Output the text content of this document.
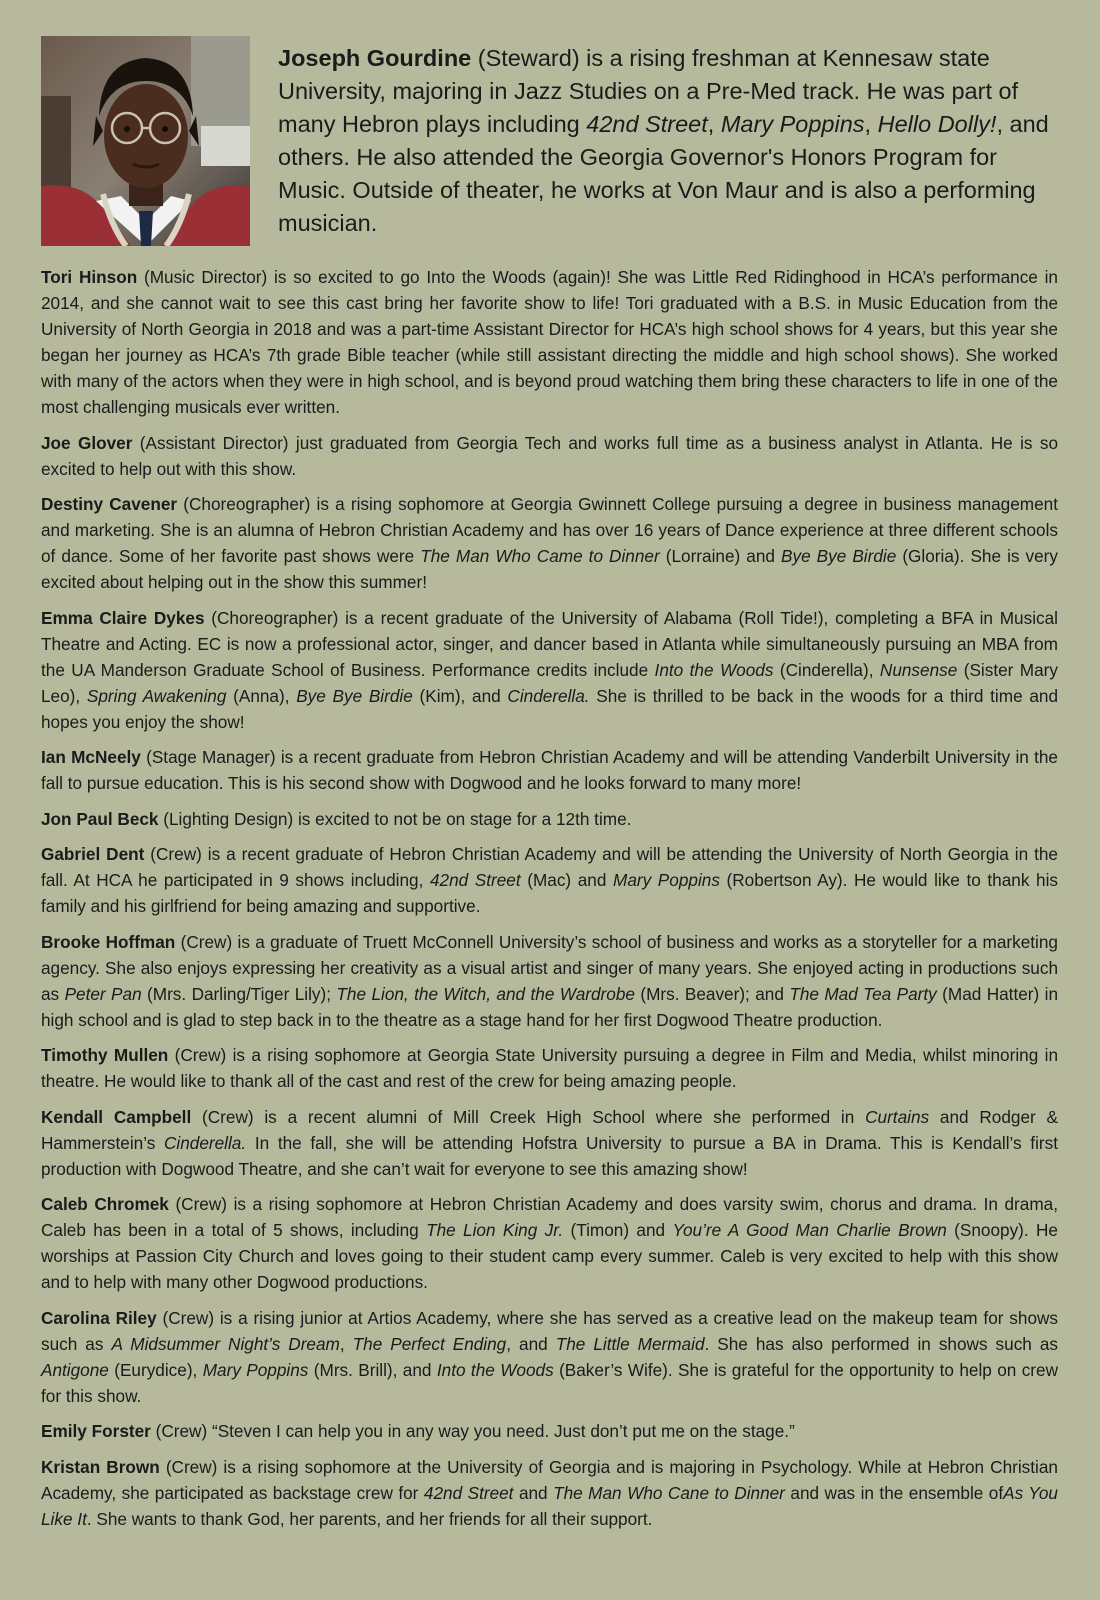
Joseph Gourdine (Steward) is a rising freshman at Kennesaw state University, majoring in Jazz Studies on a Pre-Med track. He was part of many Hebron plays including 42nd Street, Mary Poppins, Hello Dolly!, and others. He also attended the Georgia Governor's Honors Program for Music. Outside of theater, he works at Von Maur and is also a performing musician.

Tori Hinson (Music Director) is so excited to go Into the Woods (again)! She was Little Red Ridinghood in HCA’s performance in 2014, and she cannot wait to see this cast bring her favorite show to life! Tori graduated with a B.S. in Music Education from the University of North Georgia in 2018 and was a part-time Assistant Director for HCA’s high school shows for 4 years, but this year she began her journey as HCA’s 7th grade Bible teacher (while still assistant directing the middle and high school shows). She worked with many of the actors when they were in high school, and is beyond proud watching them bring these characters to life in one of the most challenging musicals ever written.

Joe Glover (Assistant Director) just graduated from Georgia Tech and works full time as a business analyst in Atlanta. He is so excited to help out with this show.

Destiny Cavener (Choreographer) is a rising sophomore at Georgia Gwinnett College pursuing a degree in business management and marketing. She is an alumna of Hebron Christian Academy and has over 16 years of Dance experience at three different schools of dance. Some of her favorite past shows were The Man Who Came to Dinner (Lorraine) and Bye Bye Birdie (Gloria). She is very excited about helping out in the show this summer!

Emma Claire Dykes (Choreographer) is a recent graduate of the University of Alabama (Roll Tide!), completing a BFA in Musical Theatre and Acting. EC is now a professional actor, singer, and dancer based in Atlanta while simultaneously pursuing an MBA from the UA Manderson Graduate School of Business. Performance credits include Into the Woods (Cinderella), Nunsense (Sister Mary Leo), Spring Awakening (Anna), Bye Bye Birdie (Kim), and Cinderella. She is thrilled to be back in the woods for a third time and hopes you enjoy the show!

Ian McNeely (Stage Manager) is a recent graduate from Hebron Christian Academy and will be attending Vanderbilt University in the fall to pursue education. This is his second show with Dogwood and he looks forward to many more!

Jon Paul Beck (Lighting Design) is excited to not be on stage for a 12th time.

Gabriel Dent (Crew) is a recent graduate of Hebron Christian Academy and will be attending the University of North Georgia in the fall. At HCA he participated in 9 shows including, 42nd Street (Mac) and Mary Poppins (Robertson Ay). He would like to thank his family and his girlfriend for being amazing and supportive.

Brooke Hoffman (Crew) is a graduate of Truett McConnell University’s school of business and works as a storyteller for a marketing agency. She also enjoys expressing her creativity as a visual artist and singer of many years. She enjoyed acting in productions such as Peter Pan (Mrs. Darling/Tiger Lily); The Lion, the Witch, and the Wardrobe (Mrs. Beaver); and The Mad Tea Party (Mad Hatter) in high school and is glad to step back in to the theatre as a stage hand for her first Dogwood Theatre production.

Timothy Mullen (Crew) is a rising sophomore at Georgia State University pursuing a degree in Film and Media, whilst minoring in theatre. He would like to thank all of the cast and rest of the crew for being amazing people.

Kendall Campbell (Crew) is a recent alumni of Mill Creek High School where she performed in Curtains and Rodger & Hammerstein’s Cinderella. In the fall, she will be attending Hofstra University to pursue a BA in Drama. This is Kendall’s first production with Dogwood Theatre, and she can’t wait for everyone to see this amazing show!

Caleb Chromek (Crew) is a rising sophomore at Hebron Christian Academy and does varsity swim, chorus and drama. In drama, Caleb has been in a total of 5 shows, including The Lion King Jr. (Timon) and You’re A Good Man Charlie Brown (Snoopy). He worships at Passion City Church and loves going to their student camp every summer. Caleb is very excited to help with this show and to help with many other Dogwood productions.

Carolina Riley (Crew) is a rising junior at Artios Academy, where she has served as a creative lead on the makeup team for shows such as A Midsummer Night’s Dream, The Perfect Ending, and The Little Mermaid. She has also performed in shows such as Antigone (Eurydice), Mary Poppins (Mrs. Brill), and Into the Woods (Baker’s Wife). She is grateful for the opportunity to help on crew for this show.

Emily Forster (Crew) “Steven I can help you in any way you need. Just don’t put me on the stage.”

Kristan Brown (Crew) is a rising sophomore at the University of Georgia and is majoring in Psychology. While at Hebron Christian Academy, she participated as backstage crew for 42nd Street and The Man Who Cane to Dinner and was in the ensemble ofAs You Like It. She wants to thank God, her parents, and her friends for all their support.
